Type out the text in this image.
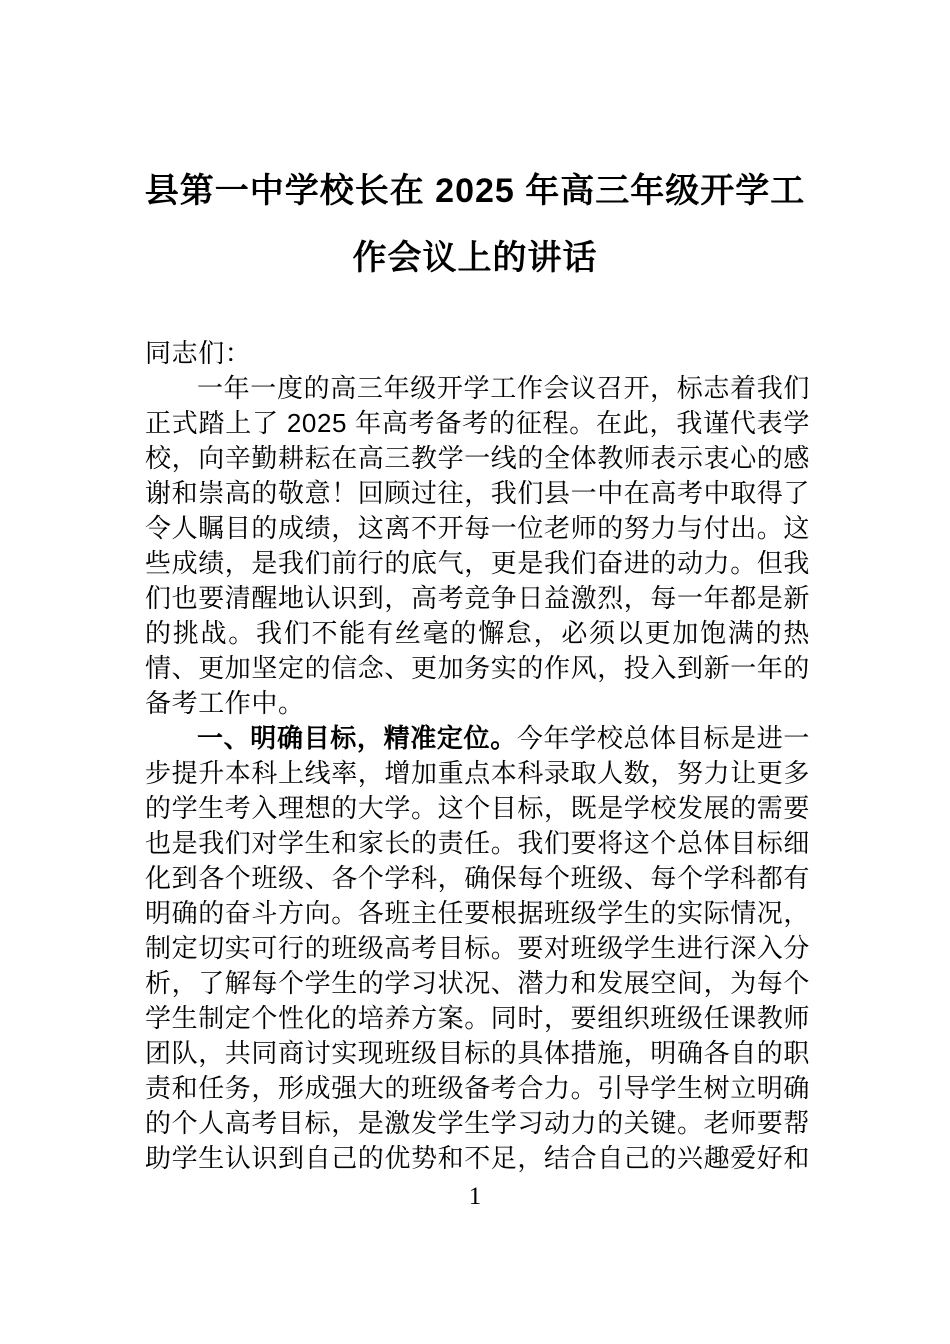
县第一中学校长在 2025 年高三年级开学工作会议上的讲话

同志们：

一年一度的高三年级开学工作会议召开，标志着我们正式踏上了 2025 年高考备考的征程。在此，我谨代表学校，向辛勤耕耘在高三教学一线的全体教师表示衷心的感谢和崇高的敬意！回顾过往，我们县一中在高考中取得了令人瞩目的成绩，这离不开每一位老师的努力与付出。这些成绩，是我们前行的底气，更是我们奋进的动力。但我们也要清醒地认识到，高考竞争日益激烈，每一年都是新的挑战。我们不能有丝毫的懈怠，必须以更加饱满的热情、更加坚定的信念、更加务实的作风，投入到新一年的备考工作中。

一、明确目标，精准定位。今年学校总体目标是进一步提升本科上线率，增加重点本科录取人数，努力让更多的学生考入理想的大学。这个目标，既是学校发展的需要也是我们对学生和家长的责任。我们要将这个总体目标细化到各个班级、各个学科，确保每个班级、每个学科都有明确的奋斗方向。各班主任要根据班级学生的实际情况，制定切实可行的班级高考目标。要对班级学生进行深入分析，了解每个学生的学习状况、潜力和发展空间，为每个学生制定个性化的培养方案。同时，要组织班级任课教师团队，共同商讨实现班级目标的具体措施，明确各自的职责和任务，形成强大的班级备考合力。引导学生树立明确的个人高考目标，是激发学生学习动力的关键。老师要帮助学生认识到自己的优势和不足，结合自己的兴趣爱好和

1
